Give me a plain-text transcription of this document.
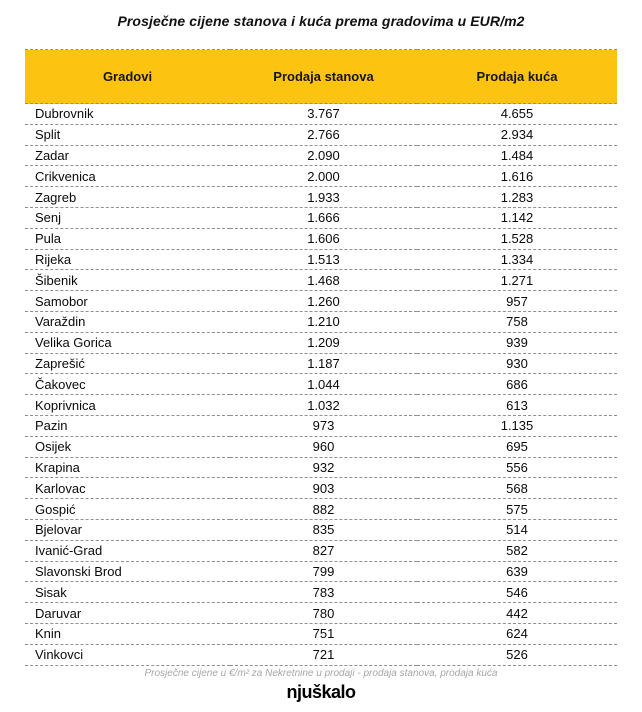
Prosječne cijene stanova i kuća prema gradovima u EUR/m2
Gradovi	Prodaja stanova	Prodaja kuća
Dubrovnik	3.767	4.655
Split	2.766	2.934
Zadar	2.090	1.484
Crikvenica	2.000	1.616
Zagreb	1.933	1.283
Senj	1.666	1.142
Pula	1.606	1.528
Rijeka	1.513	1.334
Šibenik	1.468	1.271
Samobor	1.260	957
Varaždin	1.210	758
Velika Gorica	1.209	939
Zaprešić	1.187	930
Čakovec	1.044	686
Koprivnica	1.032	613
Pazin	973	1.135
Osijek	960	695
Krapina	932	556
Karlovac	903	568
Gospić	882	575
Bjelovar	835	514
Ivanić-Grad	827	582
Slavonski Brod	799	639
Sisak	783	546
Daruvar	780	442
Knin	751	624
Vinkovci	721	526
Prosječne cijene u €/m² za Nekretnine u prodaji - prodaja stanova, prodaja kuća
njuškalo
